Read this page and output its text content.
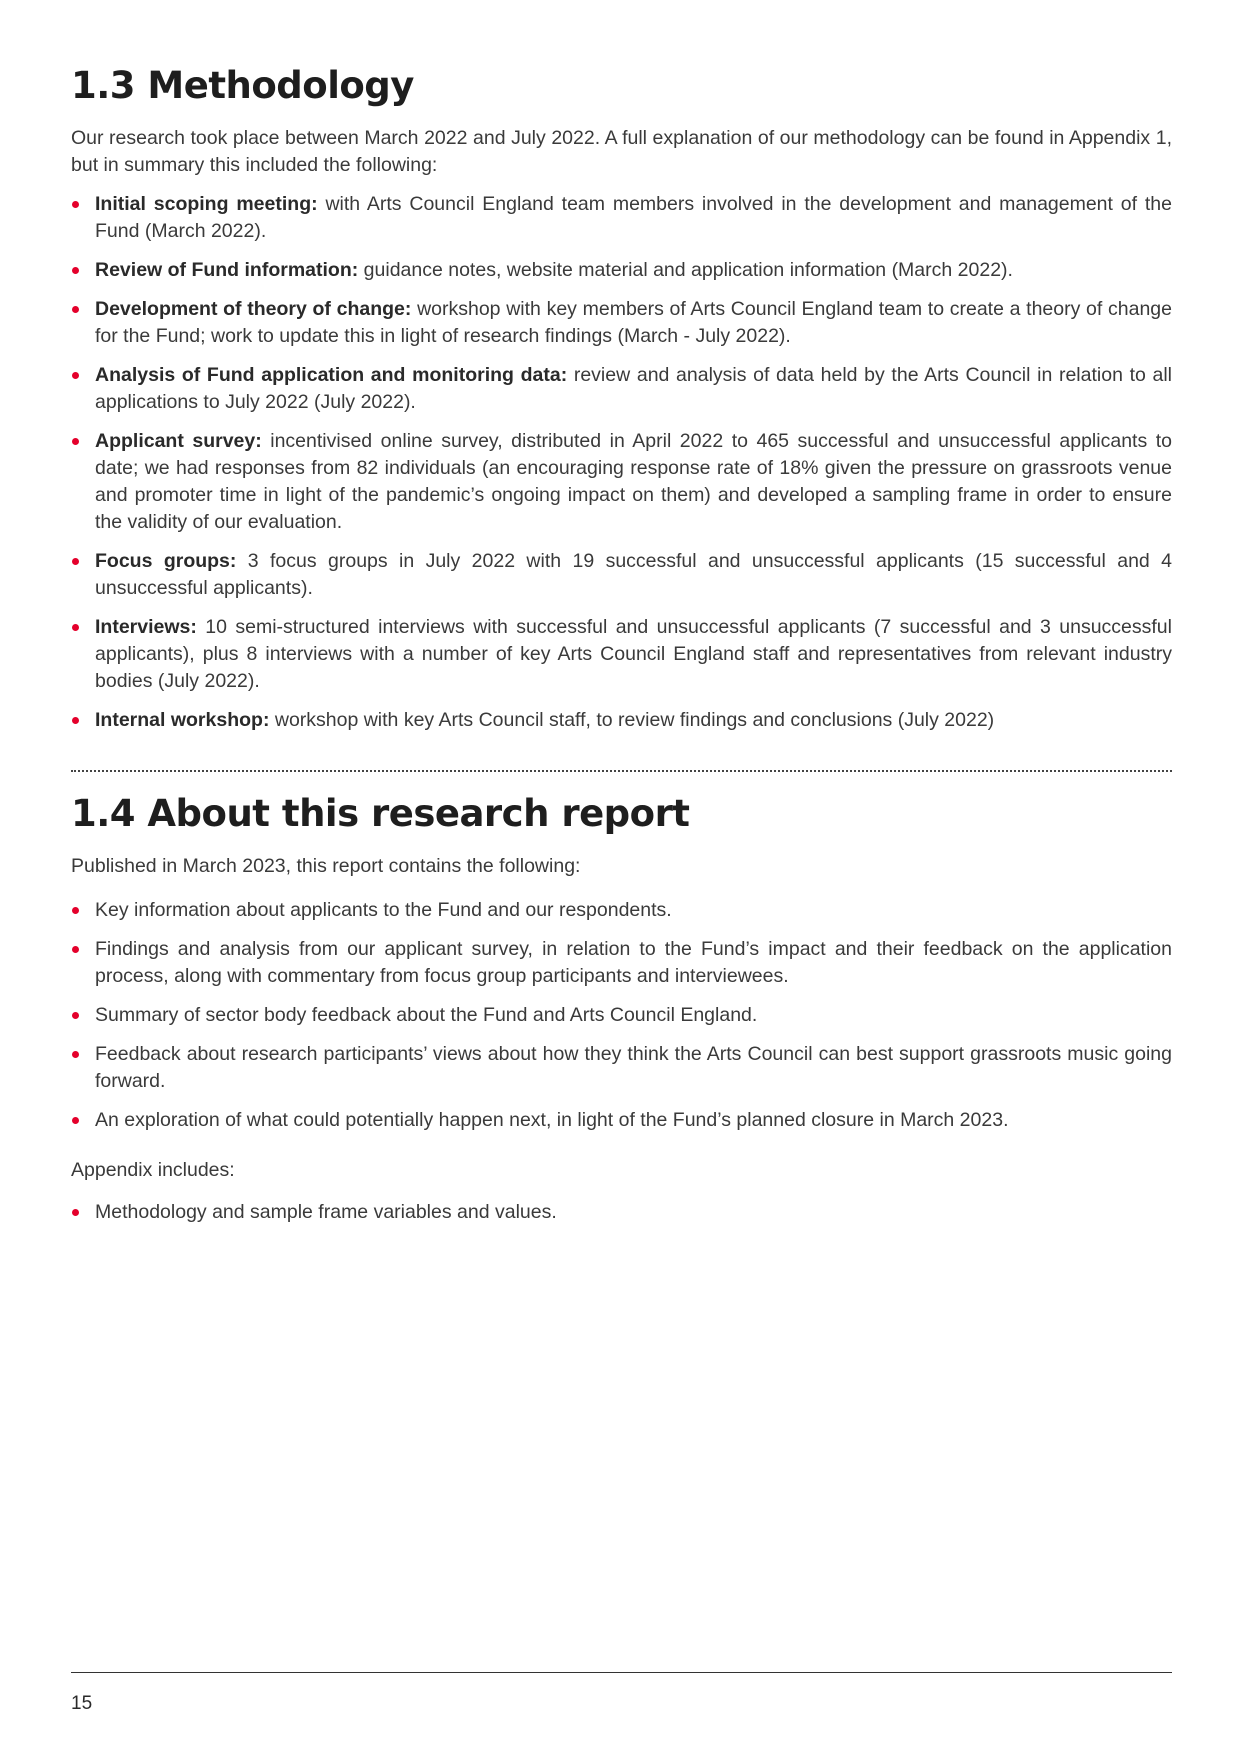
1.3 Methodology

Our research took place between March 2022 and July 2022. A full explanation of our methodology can be found in Appendix 1, but in summary this included the following:

Initial scoping meeting: with Arts Council England team members involved in the development and management of the Fund (March 2022).
Review of Fund information: guidance notes, website material and application information (March 2022).
Development of theory of change: workshop with key members of Arts Council England team to create a theory of change for the Fund; work to update this in light of research findings (March - July 2022).
Analysis of Fund application and monitoring data: review and analysis of data held by the Arts Council in relation to all applications to July 2022 (July 2022).
Applicant survey: incentivised online survey, distributed in April 2022 to 465 successful and unsuccessful applicants to date; we had responses from 82 individuals (an encouraging response rate of 18% given the pressure on grassroots venue and promoter time in light of the pandemic’s ongoing impact on them) and developed a sampling frame in order to ensure the validity of our evaluation.
Focus groups: 3 focus groups in July 2022 with 19 successful and unsuccessful applicants (15 successful and 4 unsuccessful applicants).
Interviews: 10 semi-structured interviews with successful and unsuccessful applicants (7 successful and 3 unsuccessful applicants), plus 8 interviews with a number of key Arts Council England staff and representatives from relevant industry bodies (July 2022).
Internal workshop: workshop with key Arts Council staff, to review findings and conclusions (July 2022)
1.4 About this research report

Published in March 2023, this report contains the following:

Key information about applicants to the Fund and our respondents.
Findings and analysis from our applicant survey, in relation to the Fund’s impact and their feedback on the application process, along with commentary from focus group participants and interviewees.
Summary of sector body feedback about the Fund and Arts Council England.
Feedback about research participants’ views about how they think the Arts Council can best support grassroots music going forward.
An exploration of what could potentially happen next, in light of the Fund’s planned closure in March 2023.

Appendix includes:

Methodology and sample frame variables and values.
15
